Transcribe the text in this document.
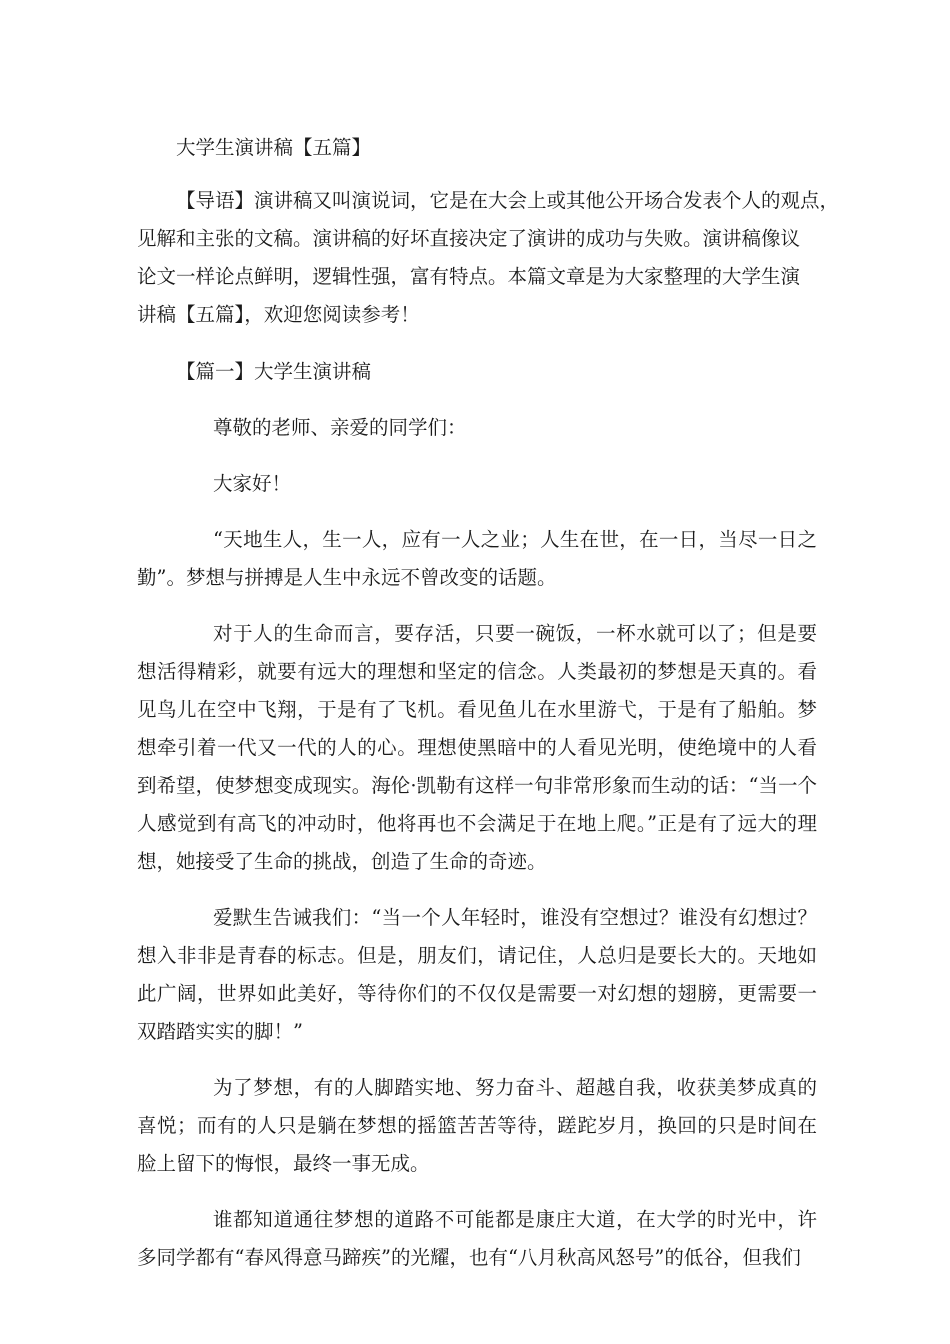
大学生演讲稿【五篇】

【导语】演讲稿又叫演说词，它是在大会上或其他公开场合发表个人的观点，
见解和主张的文稿。演讲稿的好坏直接决定了演讲的成功与失败。演讲稿像议论文一样论点鲜明，逻辑性强，富有特点。本篇文章是为大家整理的大学生演讲稿【五篇】，欢迎您阅读参考！

【篇一】大学生演讲稿

尊敬的老师、亲爱的同学们：

大家好！

“天地生人，生一人，应有一人之业；人生在世，在一日，当尽一日之勤”。梦想与拼搏是人生中永远不曾改变的话题。

对于人的生命而言，要存活，只要一碗饭，一杯水就可以了；但是要想活得精彩，就要有远大的理想和坚定的信念。人类最初的梦想是天真的。看见鸟儿在空中飞翔，于是有了飞机。看见鱼儿在水里游弋，于是有了船舶。梦想牵引着一代又一代的人的心。理想使黑暗中的人看见光明，使绝境中的人看到希望，使梦想变成现实。海伦·凯勒有这样一句非常形象而生动的话：“当一个人感觉到有高飞的冲动时，他将再也不会满足于在地上爬。”正是有了远大的理想，她接受了生命的挑战，创造了生命的奇迹。

爱默生告诫我们：“当一个人年轻时，谁没有空想过？谁没有幻想过？想入非非是青春的标志。但是，朋友们，请记住，人总归是要长大的。天地如此广阔，世界如此美好，等待你们的不仅仅是需要一对幻想的翅膀，更需要一双踏踏实实的脚！”

为了梦想，有的人脚踏实地、努力奋斗、超越自我，收获美梦成真的喜悦；而有的人只是躺在梦想的摇篮苦苦等待，蹉跎岁月，换回的只是时间在脸上留下的悔恨，最终一事无成。

谁都知道通往梦想的道路不可能都是康庄大道，在大学的时光中，许多同学都有“春风得意马蹄疾”的光耀，也有“八月秋高风怒号”的低谷，但我们
